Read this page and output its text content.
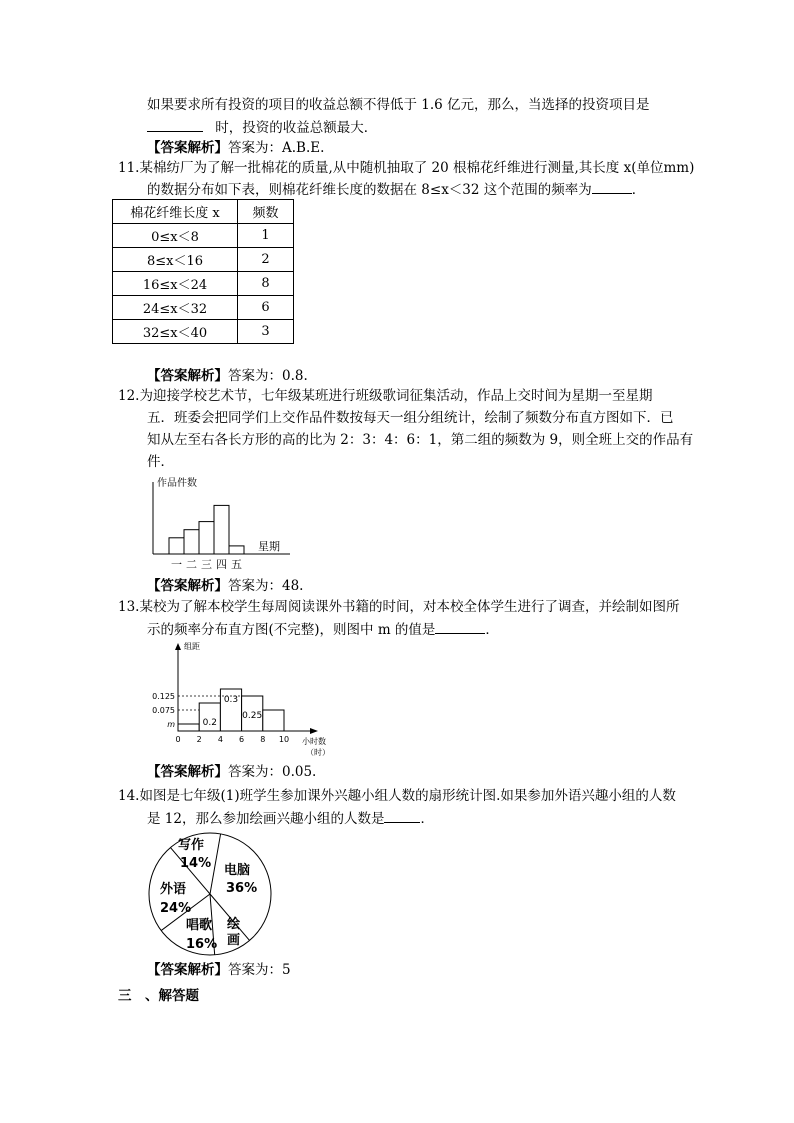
如果要求所有投资的项目的收益总额不得低于 1.6 亿元，那么，当选择的投资项目是
时，投资的收益总额最大．
【答案解析】答案为：A.B.E.
11.某棉纺厂为了解一批棉花的质量,从中随机抽取了 20 根棉花纤维进行测量,其长度 x(单位mm)
的数据分布如下表，则棉花纤维长度的数据在 8≤x＜32 这个范围的频率为	．
棉花纤维长度 x	频数
0≤x＜8	1
8≤x＜16	2
16≤x＜24	8
24≤x＜32	6
32≤x＜40	3
【答案解析】答案为：0.8.
12.为迎接学校艺术节，七年级某班进行班级歌词征集活动，作品上交时间为星期一至星期
五．班委会把同学们上交作品件数按每天一组分组统计，绘制了频数分布直方图如下．已
知从左至右各长方形的高的比为 2：3：4：6：1，第二组的频数为 9，则全班上交的作品有
件．
作品件数
星期
一 二 三 四 五
【答案解析】答案为：48.
13.某校为了解本校学生每周阅读课外书籍的时间，对本校全体学生进行了调查，并绘制如图所
示的频率分布直方图(不完整)，则图中 m 的值是	．
0.2
0.3
0.25
组距
小时数
（时）
m
0.075
0.125
0 2 4 6 8 10
【答案解析】答案为：0.05.
14.如图是七年级(1)班学生参加课外兴趣小组人数的扇形统计图.如果参加外语兴趣小组的人数
是 12，那么参加绘画兴趣小组的人数是	．
写作
14% 电脑
36%
外语
24%
唱歌
16%
绘画
【答案解析】答案为：5
三　、解答题
